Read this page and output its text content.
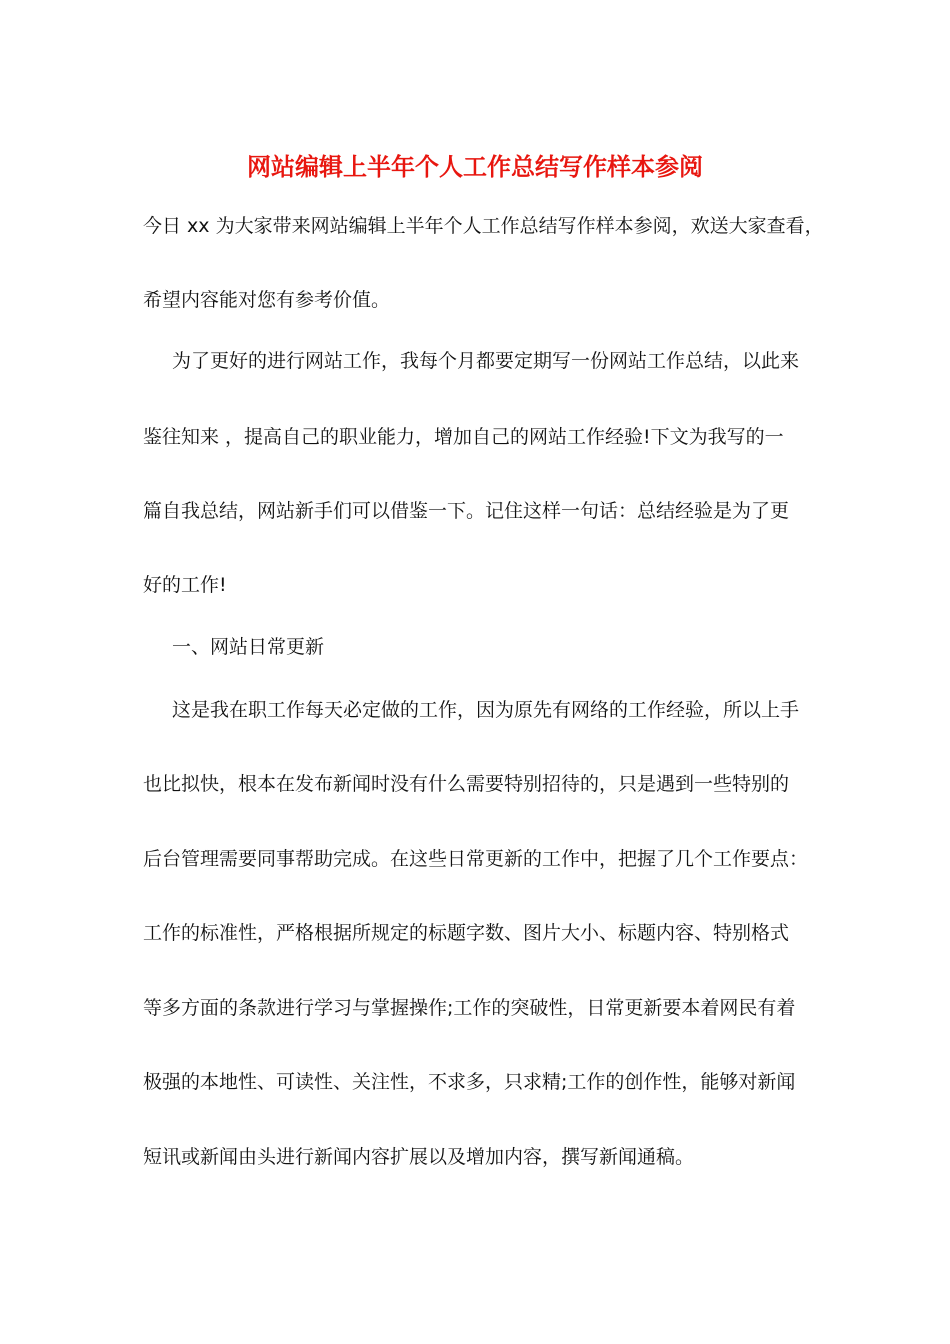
网站编辑上半年个人工作总结写作样本参阅
今日 xx 为大家带来网站编辑上半年个人工作总结写作样本参阅，欢送大家查看，
希望内容能对您有参考价值。
为了更好的进行网站工作，我每个月都要定期写一份网站工作总结，以此来
鉴往知来 ，提高自己的职业能力，增加自己的网站工作经验!下文为我写的一
篇自我总结，网站新手们可以借鉴一下。记住这样一句话：总结经验是为了更
好的工作!
一、网站日常更新
这是我在职工作每天必定做的工作，因为原先有网络的工作经验，所以上手
也比拟快，根本在发布新闻时没有什么需要特别招待的，只是遇到一些特别的
后台管理需要同事帮助完成。在这些日常更新的工作中，把握了几个工作要点：
工作的标准性，严格根据所规定的标题字数、图片大小、标题内容、特别格式
等多方面的条款进行学习与掌握操作;工作的突破性，日常更新要本着网民有着
极强的本地性、可读性、关注性，不求多，只求精;工作的创作性，能够对新闻
短讯或新闻由头进行新闻内容扩展以及增加内容，撰写新闻通稿。
